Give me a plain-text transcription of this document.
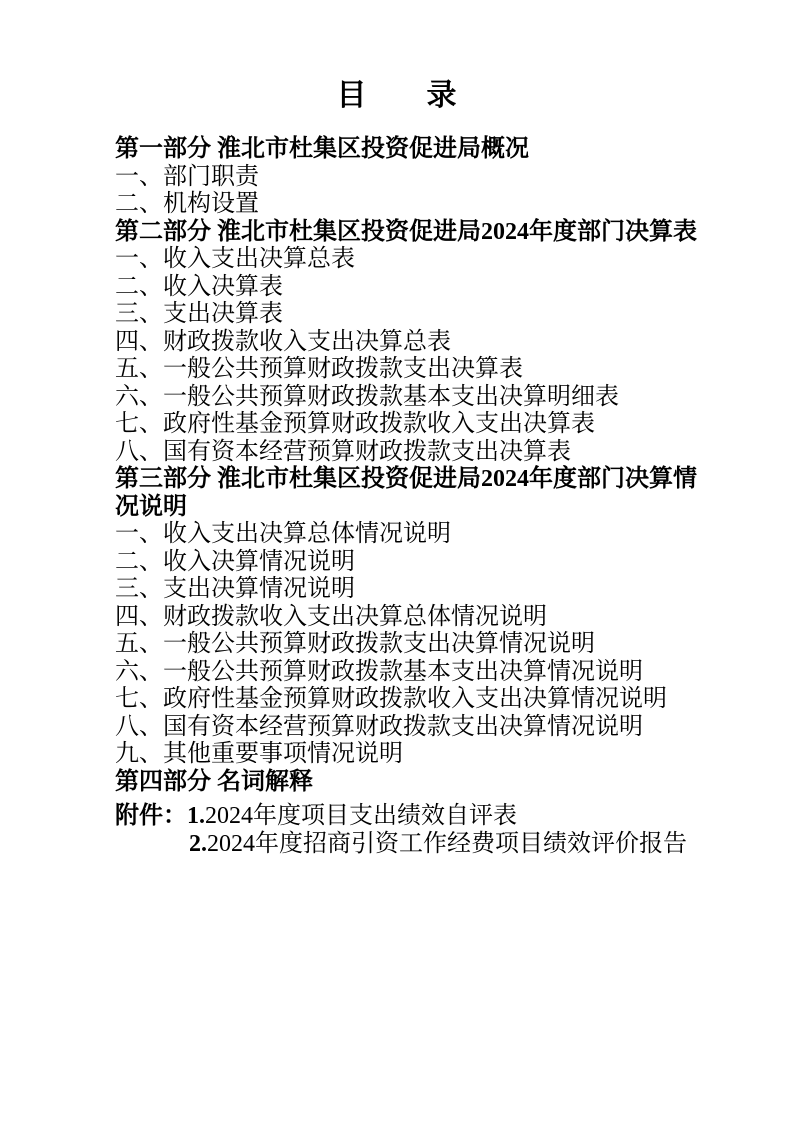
目　　录

第一部分 淮北市杜集区投资促进局概况

一、部门职责

二、机构设置

第二部分 淮北市杜集区投资促进局2024年度部门决算表

一、收入支出决算总表

二、收入决算表

三、支出决算表

四、财政拨款收入支出决算总表

五、一般公共预算财政拨款支出决算表

六、一般公共预算财政拨款基本支出决算明细表

七、政府性基金预算财政拨款收入支出决算表

八、国有资本经营预算财政拨款支出决算表

第三部分 淮北市杜集区投资促进局2024年度部门决算情况说明

一、收入支出决算总体情况说明

二、收入决算情况说明

三、支出决算情况说明

四、财政拨款收入支出决算总体情况说明

五、一般公共预算财政拨款支出决算情况说明

六、一般公共预算财政拨款基本支出决算情况说明

七、政府性基金预算财政拨款收入支出决算情况说明

八、国有资本经营预算财政拨款支出决算情况说明

九、其他重要事项情况说明

第四部分 名词解释

附件：1.2024年度项目支出绩效自评表

2.2024年度招商引资工作经费项目绩效评价报告
